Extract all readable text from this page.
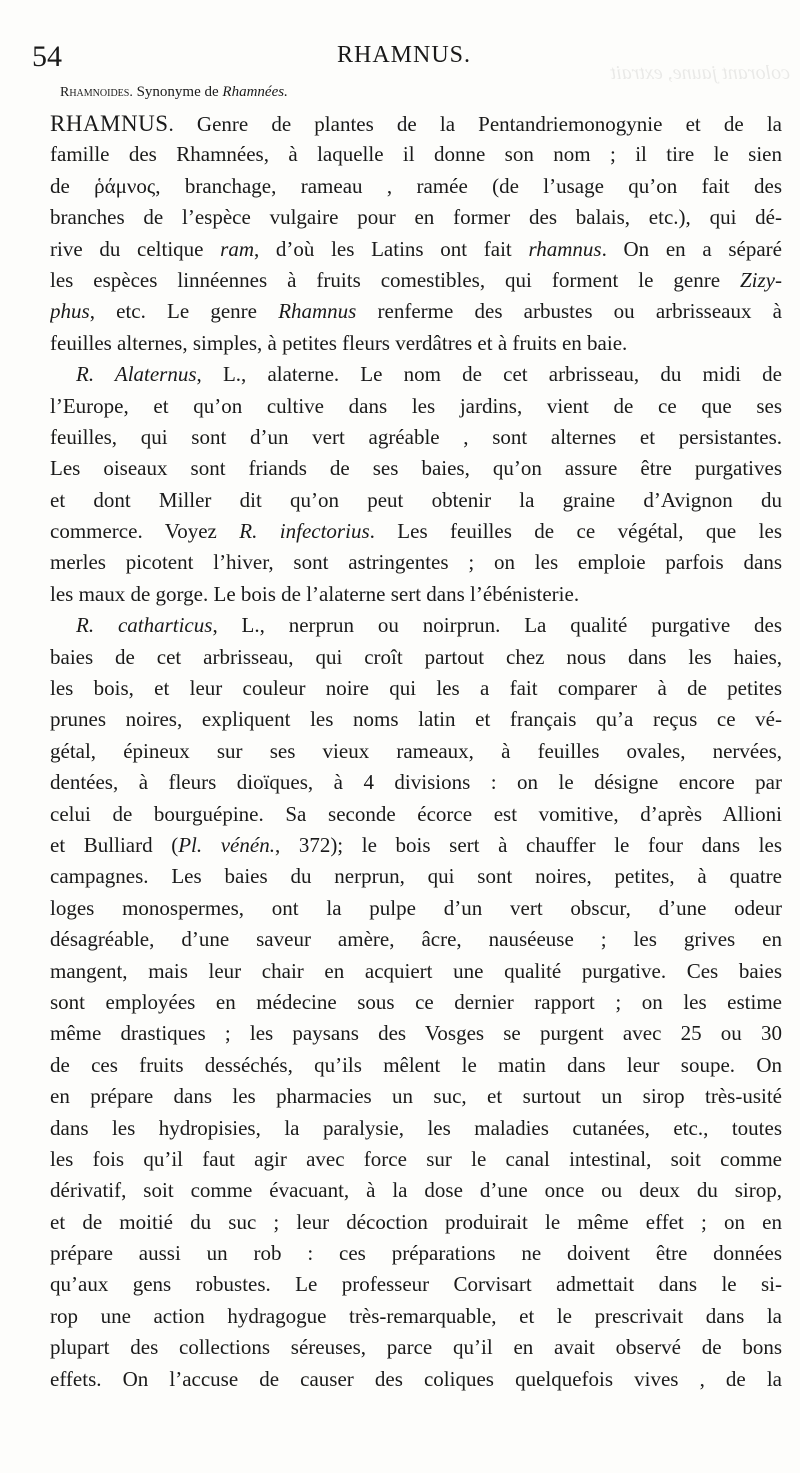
colorant jaune, extrait
54	RHAMNUS.
Rhamnoides. Synonyme de Rhamnées.
RHAMNUS. Genre de plantes de la Pentandriemonogynie et de la
famille des Rhamnées, à laquelle il donne son nom ; il tire le sien
de ῥάμνος, branchage, rameau , ramée (de l’usage qu’on fait des
branches de l’espèce vulgaire pour en former des balais, etc.), qui dé-
rive du celtique ram, d’où les Latins ont fait rhamnus. On en a séparé
les espèces linnéennes à fruits comestibles, qui forment le genre Zizy-
phus, etc. Le genre Rhamnus renferme des arbustes ou arbrisseaux à
feuilles alternes, simples, à petites fleurs verdâtres et à fruits en baie.
R. Alaternus, L., alaterne. Le nom de cet arbrisseau, du midi de
l’Europe, et qu’on cultive dans les jardins, vient de ce que ses
feuilles, qui sont d’un vert agréable , sont alternes et persistantes.
Les oiseaux sont friands de ses baies, qu’on assure être purgatives
et dont Miller dit qu’on peut obtenir la graine d’Avignon du
commerce. Voyez R. infectorius. Les feuilles de ce végétal, que les
merles picotent l’hiver, sont astringentes ; on les emploie parfois dans
les maux de gorge. Le bois de l’alaterne sert dans l’ébénisterie.
R. catharticus, L., nerprun ou noirprun. La qualité purgative des
baies de cet arbrisseau, qui croît partout chez nous dans les haies,
les bois, et leur couleur noire qui les a fait comparer à de petites
prunes noires, expliquent les noms latin et français qu’a reçus ce vé-
gétal, épineux sur ses vieux rameaux, à feuilles ovales, nervées,
dentées, à fleurs dioïques, à 4 divisions : on le désigne encore par
celui de bourguépine. Sa seconde écorce est vomitive, d’après Allioni
et Bulliard (Pl. vénén., 372); le bois sert à chauffer le four dans les
campagnes. Les baies du nerprun, qui sont noires, petites, à quatre
loges monospermes, ont la pulpe d’un vert obscur, d’une odeur
désagréable, d’une saveur amère, âcre, nauséeuse ; les grives en
mangent, mais leur chair en acquiert une qualité purgative. Ces baies
sont employées en médecine sous ce dernier rapport ; on les estime
même drastiques ; les paysans des Vosges se purgent avec 25 ou 30
de ces fruits desséchés, qu’ils mêlent le matin dans leur soupe. On
en prépare dans les pharmacies un suc, et surtout un sirop très-usité
dans les hydropisies, la paralysie, les maladies cutanées, etc., toutes
les fois qu’il faut agir avec force sur le canal intestinal, soit comme
dérivatif, soit comme évacuant, à la dose d’une once ou deux du sirop,
et de moitié du suc ; leur décoction produirait le même effet ; on en
prépare aussi un rob : ces préparations ne doivent être données
qu’aux gens robustes. Le professeur Corvisart admettait dans le si-
rop une action hydragogue très-remarquable, et le prescrivait dans la
plupart des collections séreuses, parce qu’il en avait observé de bons
effets. On l’accuse de causer des coliques quelquefois vives , de la
